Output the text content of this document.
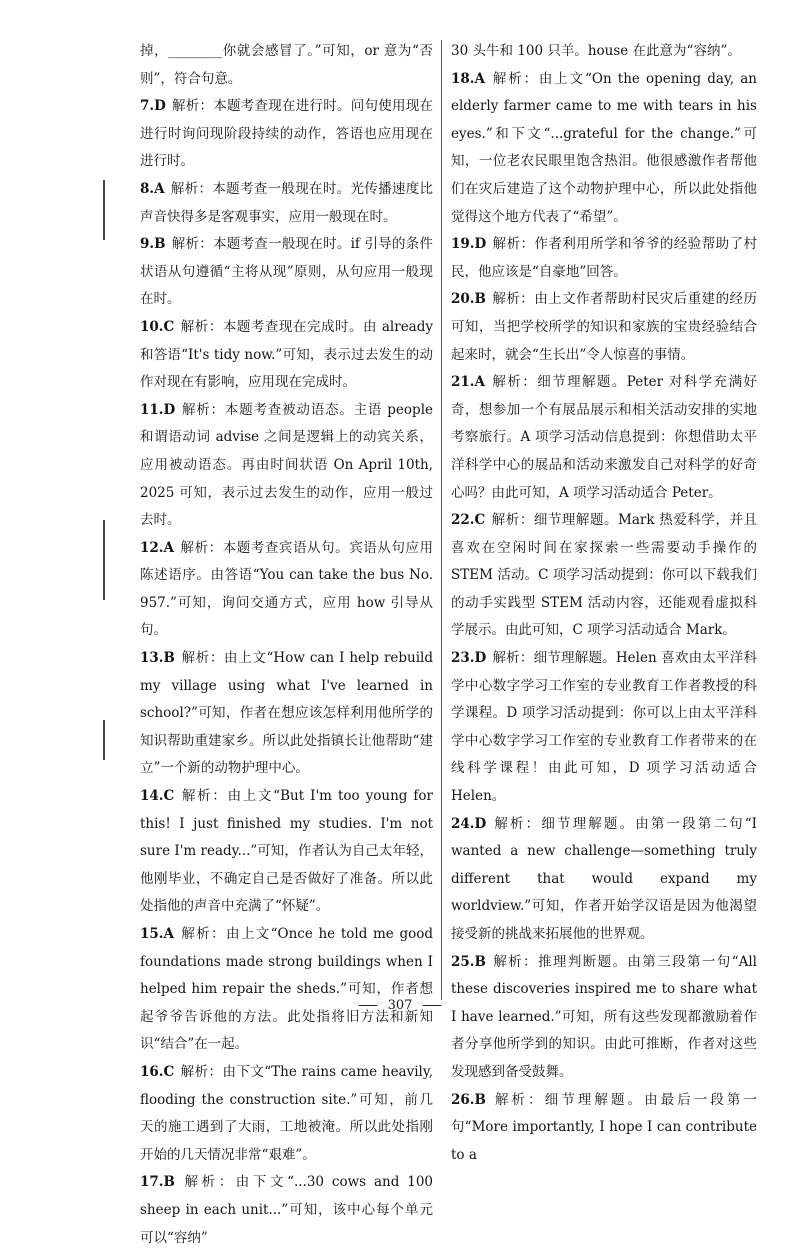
掉，________你就会感冒了。”可知，or 意为“否则”，符合句意。

7.D 解析：本题考查现在进行时。问句使用现在进行时询问现阶段持续的动作，答语也应用现在进行时。

8.A 解析：本题考查一般现在时。光传播速度比声音快得多是客观事实，应用一般现在时。

9.B 解析：本题考查一般现在时。if 引导的条件状语从句遵循“主将从现”原则，从句应用一般现在时。

10.C 解析：本题考查现在完成时。由 already 和答语“It's tidy now.”可知，表示过去发生的动作对现在有影响，应用现在完成时。

11.D 解析：本题考查被动语态。主语 people 和谓语动词 advise 之间是逻辑上的动宾关系，应用被动语态。再由时间状语 On April 10th, 2025 可知，表示过去发生的动作，应用一般过去时。

12.A 解析：本题考查宾语从句。宾语从句应用陈述语序。由答语“You can take the bus No. 957.”可知，询问交通方式，应用 how 引导从句。

13.B 解析：由上文“How can I help rebuild my village using what I've learned in school?”可知，作者在想应该怎样利用他所学的知识帮助重建家乡。所以此处指镇长让他帮助“建立”一个新的动物护理中心。

14.C 解析：由上文“But I'm too young for this! I just finished my studies. I'm not sure I'm ready...”可知，作者认为自己太年轻，他刚毕业，不确定自己是否做好了准备。所以此处指他的声音中充满了“怀疑”。

15.A 解析：由上文“Once he told me good foundations made strong buildings when I helped him repair the sheds.”可知，作者想起爷爷告诉他的方法。此处指将旧方法和新知识“结合”在一起。

16.C 解析：由下文“The rains came heavily, flooding the construction site.”可知，前几天的施工遇到了大雨，工地被淹。所以此处指刚开始的几天情况非常“艰难”。

17.B 解析：由下文“...30 cows and 100 sheep in each unit...”可知，该中心每个单元可以“容纳”

30 头牛和 100 只羊。house 在此意为“容纳”。

18.A 解析：由上文“On the opening day, an elderly farmer came to me with tears in his eyes.”和下文“...grateful for the change.”可知，一位老农民眼里饱含热泪。他很感激作者帮他们在灾后建造了这个动物护理中心，所以此处指他觉得这个地方代表了“希望”。

19.D 解析：作者利用所学和爷爷的经验帮助了村民，他应该是“自豪地”回答。

20.B 解析：由上文作者帮助村民灾后重建的经历可知，当把学校所学的知识和家族的宝贵经验结合起来时，就会“生长出”令人惊喜的事情。

21.A 解析：细节理解题。Peter 对科学充满好奇，想参加一个有展品展示和相关活动安排的实地考察旅行。A 项学习活动信息提到：你想借助太平洋科学中心的展品和活动来激发自己对科学的好奇心吗？由此可知，A 项学习活动适合 Peter。

22.C 解析：细节理解题。Mark 热爱科学，并且喜欢在空闲时间在家探索一些需要动手操作的 STEM 活动。C 项学习活动提到：你可以下载我们的动手实践型 STEM 活动内容，还能观看虚拟科学展示。由此可知，C 项学习活动适合 Mark。

23.D 解析：细节理解题。Helen 喜欢由太平洋科学中心数字学习工作室的专业教育工作者教授的科学课程。D 项学习活动提到：你可以上由太平洋科学中心数字学习工作室的专业教育工作者带来的在线科学课程！由此可知，D 项学习活动适合 Helen。

24.D 解析：细节理解题。由第一段第二句“I wanted a new challenge—something truly different that would expand my worldview.”可知，作者开始学汉语是因为他渴望接受新的挑战来拓展他的世界观。

25.B 解析：推理判断题。由第三段第一句“All these discoveries inspired me to share what I have learned.”可知，所有这些发现都激励着作者分享他所学到的知识。由此可推断，作者对这些发现感到备受鼓舞。

26.B 解析：细节理解题。由最后一段第一句“More importantly, I hope I can contribute to a

307
